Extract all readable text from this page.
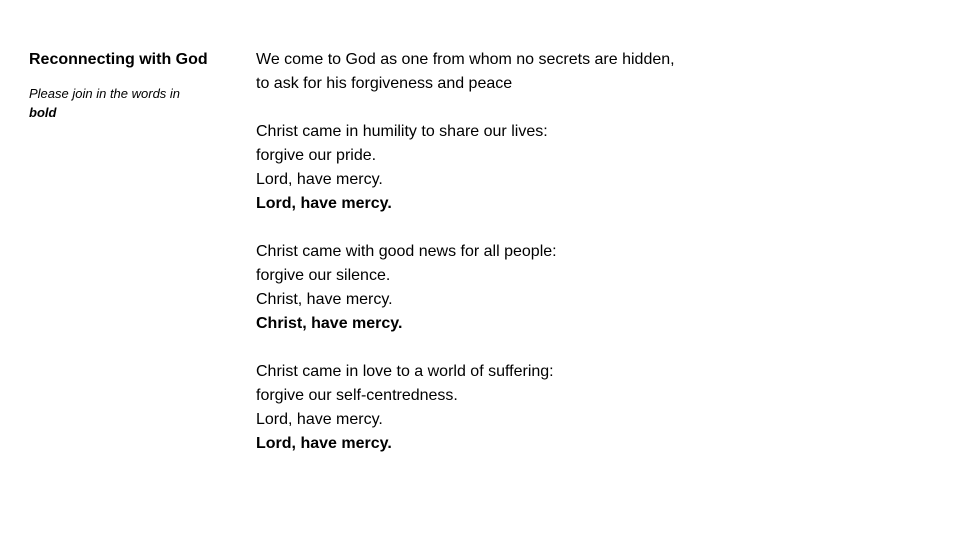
Reconnecting with God
Please join in the words in bold

We come to God as one from whom no secrets are hidden,
to ask for his forgiveness and peace

Christ came in humility to share our lives:
forgive our pride.
Lord, have mercy.
Lord, have mercy.

Christ came with good news for all people:
forgive our silence.
Christ, have mercy.
Christ, have mercy.

Christ came in love to a world of suffering:
forgive our self-centredness.
Lord, have mercy.
Lord, have mercy.
